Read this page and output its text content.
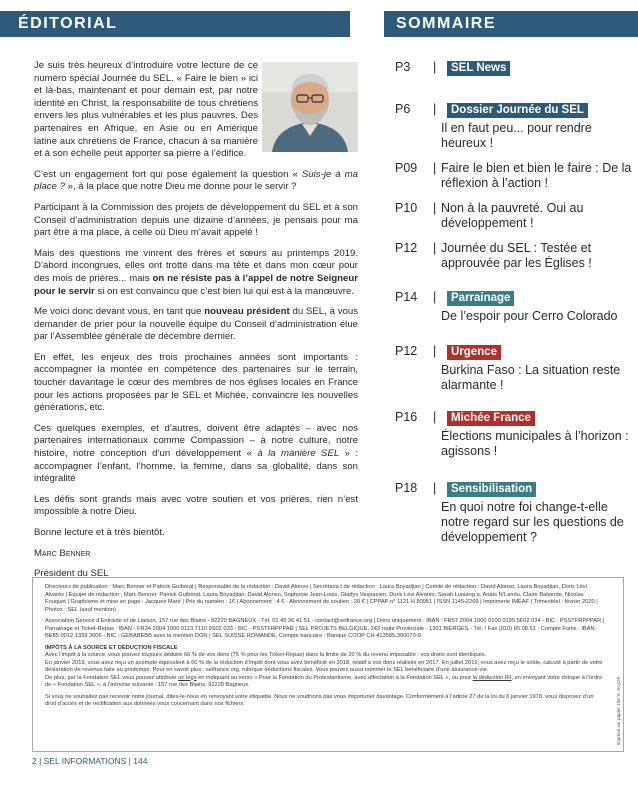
ÉDITORIAL	SOMMAIRE

Je suis très heureux d’introduire votre lecture de ce numéro spécial Journée du SEL. « Faire le bien » ici et là-bas, maintenant et pour demain est, par notre identité en Christ, la responsabilité de tous chrétiens envers les plus vulnérables et les plus pauvres. Des partenaires en Afrique, en Asie ou en Amérique latine aux chrétiens de France, chacun à sa manière et à son échelle peut apporter sa pierre à l’édifice.

C’est un engagement fort qui pose également la question « Suis-je à ma place ? », à la place que notre Dieu me donne pour le servir ?

Participant à la Commission des projets de développement du SEL et à son Conseil d’administration depuis une dizaine d’années, je pensais pour ma part être à ma place, à celle où Dieu m’avait appelé !

Mais des questions me vinrent des frères et sœurs au printemps 2019. D’abord incongrues, elles ont trotté dans ma tête et dans mon cœur pour des mois de prières... mais on ne résiste pas à l’appel de notre Seigneur pour le servir si on est convaincu que c’est bien lui qui est à la manœuvre.

Me voici donc devant vous, en tant que nouveau président du SEL, à vous demander de prier pour la nouvelle équipe du Conseil d’administration élue par l’Assemblée générale de décembre dernier.

En effet, les enjeux des trois prochaines années sont importants : accompagner la montée en compétence des partenaires sur le terrain, toucher davantage le cœur des membres de nos églises locales en France pour les actions proposées par le SEL et Michée, convaincre les nouvelles générations, etc.

Ces quelques exemples, et d’autres, doivent être adaptés – avec nos partenaires internationaux comme Compassion – à notre culture, notre histoire, notre conception d’un développement « à la manière SEL » : accompagner l’enfant, l’homme, la femme, dans sa globalité, dans son intégralité

Les défis sont grands mais avec votre soutien et vos prières, rien n’est impossible à notre Dieu.

Bonne lecture et à très bientôt.

Marc Benner

Président du SEL

P3 | SEL News
P6 | Dossier Journée du SEL
Il en faut peu... pour rendre heureux !
P09 | Faire le bien et bien le faire : De la réflexion à l’action !
P10 | Non à la pauvreté. Oui au développement !
P12 | Journée du SEL : Testée et approuvée par les Églises !
P14 | Parrainage
De l’espoir pour Cerro Colorado
P12 | Urgence
Burkina Faso : La situation reste alarmante !
P16 | Michée France
Élections municipales à l’horizon : agissons !
P18 | Sensibilisation
En quoi notre foi change-t-elle notre regard sur les questions de développement ?

Directeurs de publication : Marc Benner et Patrick Guiborat | Responsable de la rédaction : David Alonso | Secrétaria t de rédaction : Laura Boyadjian | Comité de rédaction : David Alonso, Laura Boyadjian, Doris Lévi Alvarès | Équipe de rédaction : Marc Benner, Patrick Guiborat, Laura Boyadjian, David Alonso, Sophonie Jean-Louis, Gladys Vespasien, Doris Lévi Alvarès, Sarah Luniang a, Anaïs N’Landu, Claire Balverde, Nicolas Fouquet | Graphisme et mise en page : Jacques Maré | Prix du numéro : 1€ | Abonnement : 4 € - Abonnement de soutien : 20 € | CPPAP n° 1121 H 80951 | ISSN 1145-2269 | Imprimerie IMEAF | Trimestriel : février 2020 | Photos : SEL (sauf mention)

Association Service d’Entraide et de Liaison, 157 rue des Blains - 92220 BAGNEUX - Tél. 01 45 36 41 51 - contact@selfrance.org | Dons uniquement : IBAN : FR57 2004 1000 0100 0195 5F02 034 - BIC : PSSTFRPPPAR | Parrainage et Ticket-Repas : IBAN - FR34 2004 1000 0113 7110 9S02 033 - BIC - PSSTFRPPPAR | SEL PROJETS BELGIQUE, 243 route Provinciale - 1301 BIERGES - Tél. / Fax (010) 65.08.51 - Compte Fortis : IBAN : BE85 0012 1339 3006 - BIC : GEBABEBB avec la mention DON | SEL SUISSE ROMANDE, Compte bancaire : Banque COOP CH 413585.300070-9

IMPÔTS À LA SOURCE ET DÉDUCTION FISCALE

Avec l’impôt à la source, vous pouvez toujours déduire 66 % de vos dons (75 % pour les Ticket-Repas) dans la limite de 20 % du revenu imposable : vos droits sont identiques.

En janvier 2019, vous avez reçu un acompte équivalent à 60 % de la réduction d’impôt dont vous avez bénéficié en 2018, relatif à vos dons réalisés en 2017. En juillet 2019, vous avez reçu le solde, calculé à partir de votre déclaration de revenus faite au printemps. Pour en savoir plus : selfrance.org, rubrique déductions fiscales. Vous pouvez aussi nommer le SEL bénéficiaire d’une assurance-vie.

De plus, par la Fondation SEL vous pouvez attribuer un legs en indiquant au verso « Pour la Fondation du Protestantisme, avec affectation à la Fondation SEL », ou pour la déduction IFI, en envoyant votre chèque à l’ordre de « Fondation SEL », à l’adresse suivante : 157 rue des Blains, 92220 Bagneux.

Si vous ne souhaitez pas recevoir notre journal, dites-le-nous en renvoyant votre étiquette. Nous ne voudrions pas vous importuner davantage. Conformément à l’article 27 de la loi du 6 janvier 1978, vous disposez d’un droit d’accès et de rectification aux données vous concernant dans nos fichiers.	Imprimé sur papier 100 % recyclé
2 | SEL INFORMATIONS | 144
